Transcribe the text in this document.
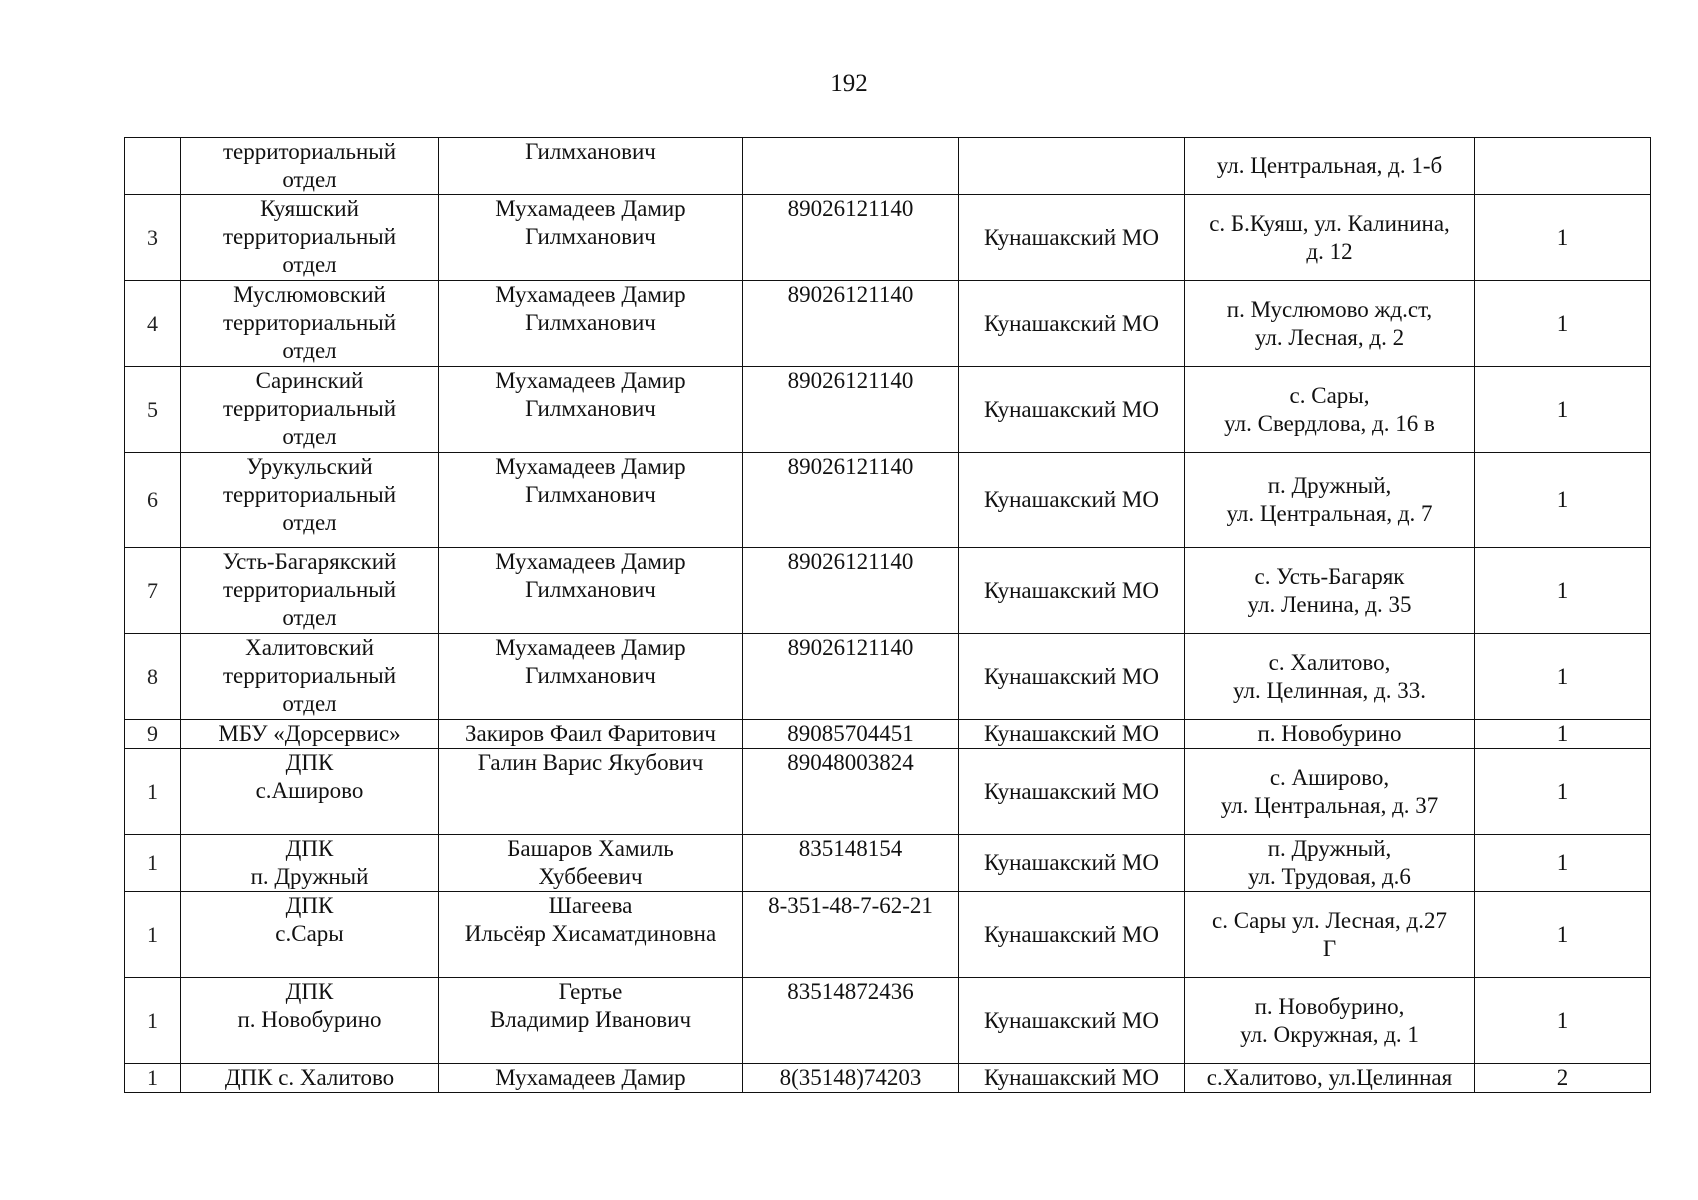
192

	территориальный
отдел	Гилмханович			ул. Центральная, д. 1-б	

3	Куяшский
территориальный
отдел	Мухамадеев Дамир
Гилмханович	89026121140	Кунашакский МО	с. Б.Куяш, ул. Калинина,
д. 12	1
4	Муслюмовский
территориальный
отдел	Мухамадеев Дамир
Гилмханович	89026121140	Кунашакский МО	п. Муслюмово жд.ст,
ул. Лесная, д. 2	1
5	Саринский
территориальный
отдел	Мухамадеев Дамир
Гилмханович	89026121140	Кунашакский МО	с. Сары,
ул. Свердлова, д. 16 в	1
6	Урукульский
территориальный
отдел	Мухамадеев Дамир
Гилмханович	89026121140	Кунашакский МО	п. Дружный,
ул. Центральная, д. 7	1
7	Усть-Багарякский
территориальный
отдел	Мухамадеев Дамир
Гилмханович	89026121140	Кунашакский МО	с. Усть-Багаряк
ул. Ленина, д. 35	1
8	Халитовский
территориальный
отдел	Мухамадеев Дамир
Гилмханович	89026121140	Кунашакский МО	с. Халитово,
ул. Целинная, д. 33.	1
9	МБУ «Дорсервис»	Закиров Фаил Фаритович	89085704451	Кунашакский МО	п. Новобурино	1
1	ДПК
с.Аширово	Галин Варис Якубович	89048003824	Кунашакский МО	с. Аширово,
ул. Центральная, д. 37	1
1	ДПК
п. Дружный	Башаров Хамиль
Хуббеевич	835148154	Кунашакский МО	п. Дружный,
ул. Трудовая, д.6	1
1	ДПК
с.Сары	Шагеева
Ильсёяр Хисаматдиновна	8-351-48-7-62-21	Кунашакский МО	с. Сары ул. Лесная, д.27
Г	1
1	ДПК
п. Новобурино	Гертье
Владимир Иванович	83514872436	Кунашакский МО	п. Новобурино,
ул. Окружная, д. 1	1
1	ДПК с. Халитово	Мухамадеев Дамир	8(35148)74203	Кунашакский МО	с.Халитово, ул.Целинная	2
